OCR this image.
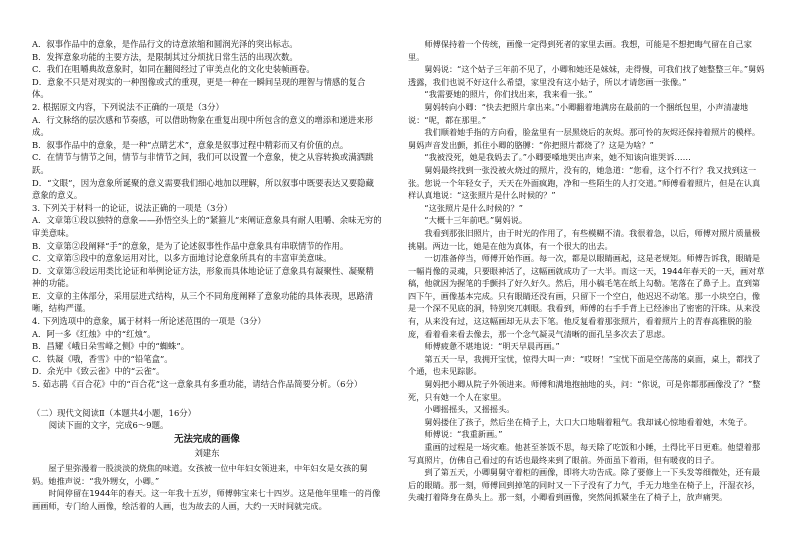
A．叙事作品中的意象，是作品行文的诗意浓缩和圆润光泽的突出标志。

B．发挥意象功能的主要方法，是限制其过分烦扰日常生活的出现次数。

C．我们在咀嚼典故意象时，如同在翻阅经过了审美点化的文化史装帧画卷。

D．意象不只是对现实的一种图像或式的重现，更是一种在一瞬间呈现的理智与情感的复合体。

2. 根据原文内容，下列说法不正确的一项是（3分）

A．行文脉络的层次感和节奏感，可以借助物象在重复出现中所包含的意义的增添和递进来形成。

B．叙事作品中的意象，是一种“点睛艺术”，意象是叙事过程中精彩而又有价值的点。

C．在情节与情节之间，情节与非情节之间，我们可以设置一个意象，使之从容转换或满洒跳跃。

D．“文眼”，因为意象所诞聚的意义需要我们细心地加以理解，所以叙事中既要表达又要隐藏意象的意义。

3. 下列关于材料一的论证，说法正确的一项是（3分）

A．文章第①段以独特的意象——孙悟空头上的“紧箍儿”来阐证意象具有耐人咀嚼、余味无穷的审美意味。

B．文章第②段阐释“手”的意象，是为了论述叙事性作品中意象具有串联情节的作用。

C．文章第⑤段中的意象运用对比，以多方面地讨论意象所具有的丰富审美意味。

D．文章第③段运用类比论证和举例论证方法，形象而具体地论证了意象具有凝聚性、凝聚精神的功能。

E．文章的主体部分，采用层进式结构，从三个不同角度阐释了意象功能的具体表现，思路清晰，结构严谨。

4. 下列选项中的意象，属于材料一所论述范围的一项是（3分）

A．阿一多《红烛》中的“红烛”。

B．昌耀《峨日朵雪峰之侧》中的“蜘蛛”。

C．铁凝《哦，香雪》中的“铅笔盒”。

D．余光中《致云雀》中的“云雀”。

5. 茹志鹃《百合花》中的“百合花”这一意象具有多重功能，请结合作品简要分析。（6分）

（二）现代文阅读Ⅱ（本题共4小题，16分）

阅读下面的文字，完成6～9题。

无法完成的画像

刘建东

屋子里弥漫着一股淡淡的烧焦的味道。女孩被一位中年妇女领进来，中年妇女是女孩的舅妈。她推声说：“我外甥女，小卿。”

时间停留在1944年的春天。这一年我十五岁，师傅韩宝来七十四岁。这是他年里唯一的肖像画画师，专门给人画像，绘活着的人画，也为故去的人画，大约一天时间就完成。

师傅保持着一个传统，画像一定得到死者的家里去画。我想，可能是不想把晦气留在自己家里。

舅妈说：“这个姑子三年前不见了，小卿和她还是妹妹，走得慢，可我们找了她整整三年。”舅妈透露，我们也说不好这什么希望，家里没有这小姑子，所以才请您画一张像。”

“我需要她的照片，你们找出来，我来看一张。”

舅妈转向小卿：“快去把照片拿出来。”小卿翻着地满房在最前的一个捆纸包里，小声清凄地说：“呢，都在那里。”

我们顺着她手指的方向看，脸盆里有一层黑烧后的灰烬。那可怜的灰烬还保持着照片的模样。舅妈声音发出颤，抓住小卿的胳膊：“你把照片都烧了？这是为啥？”

“我被没死，她是我妈去了。”小卿要嗓地哭出声来，她不知该向谁哭诉……

舅妈最终找到一张没被火烧过的照片，没有的，她急道：“您看，这个行不行？我又找到这一张。您说一个年轻女子，天天在外面疯跑，净和一些陌生的人打交道。”师傅看着照片，但是在认真样认真地说：“这张照片是什么时候的？”

“这张照片是什么时候的？”

“大概十三年前吧。”舅妈说。

我看到那张旧照片，由于时光的作用了，有些模糊不清。我很着急，以后，师傅对照片质量极挑剔。两边一比，她是在他为真体，有一个很大的出去。

一切准备停当，师傅开始作画。每一次，都是以眼睛画起，这是老规矩。师傅告诉我，眼睛是一幅肖像的灵魂，只要眼神活了，这幅画就成功了一大半。而这一天，1944年春天的一天，画对草稿，他就因为握笔的手颤抖了好久好久。然后，用小稿毛笔在纸上勾勒。笔落在了鼻子上。直到第四下午，画像基本完成。只有眼睛还没有画，只留下一个空白，他迟迟不动笔。那一小块空白，像是一个深不见底的洞，特别突兀刺眼。我看到，师傅的右手手背上已经渗出了密密的汗珠。从来没有，从来没有过，这这幅画却无从去下笔。他反复看着那张照片，看着照片上的青春高雅脱的脸庞，看着看来看去像去，那一个念气凝灵气清晰的面孔呈多次去了思虑。

师傅疲惫不堪地说：“明天早晨再画。”

第五天一早，我拥开宝忧，惊得大叫一声：“哎呀！”宝忧下面是空荡荡的桌面，桌上，都找了个通，也未见踪影。

舅妈把小卿从院子外领进来。师傅和满地抱抽地的头，问：“你说，可是你都那画像没了？”整死，只有她一个人在家里。

小卿摇摇头，又摇摇头。

舅妈搂住了孩子，然后坐在椅子上，大口大口地喘着粗气。我却诚心惊地看着她，木兔子。

师傅说：“我重新画。”

重画的过程是一场灾难。他甚至茶饭不思，每天除了吃饭和小睡，土得比平日更难。他望着那写真照片，仿佛自己看过的有话也最终来到了眼前。外面虽下着雨，但有暖夜的日子。

到了第五天，小卿舅舅守着柜的画像，即将大功告成。除了要修上一下头发等细微处，还有最后的眼睛。那一刻，师傅回到掉笔的同时又一下子没有了力气，手无力地坐在椅子上，汗湿衣衫，失魂打着降身在鼻头上。那一刻，小卿看到画像，突然间抓紧坐在了椅子上，放声痛哭。
